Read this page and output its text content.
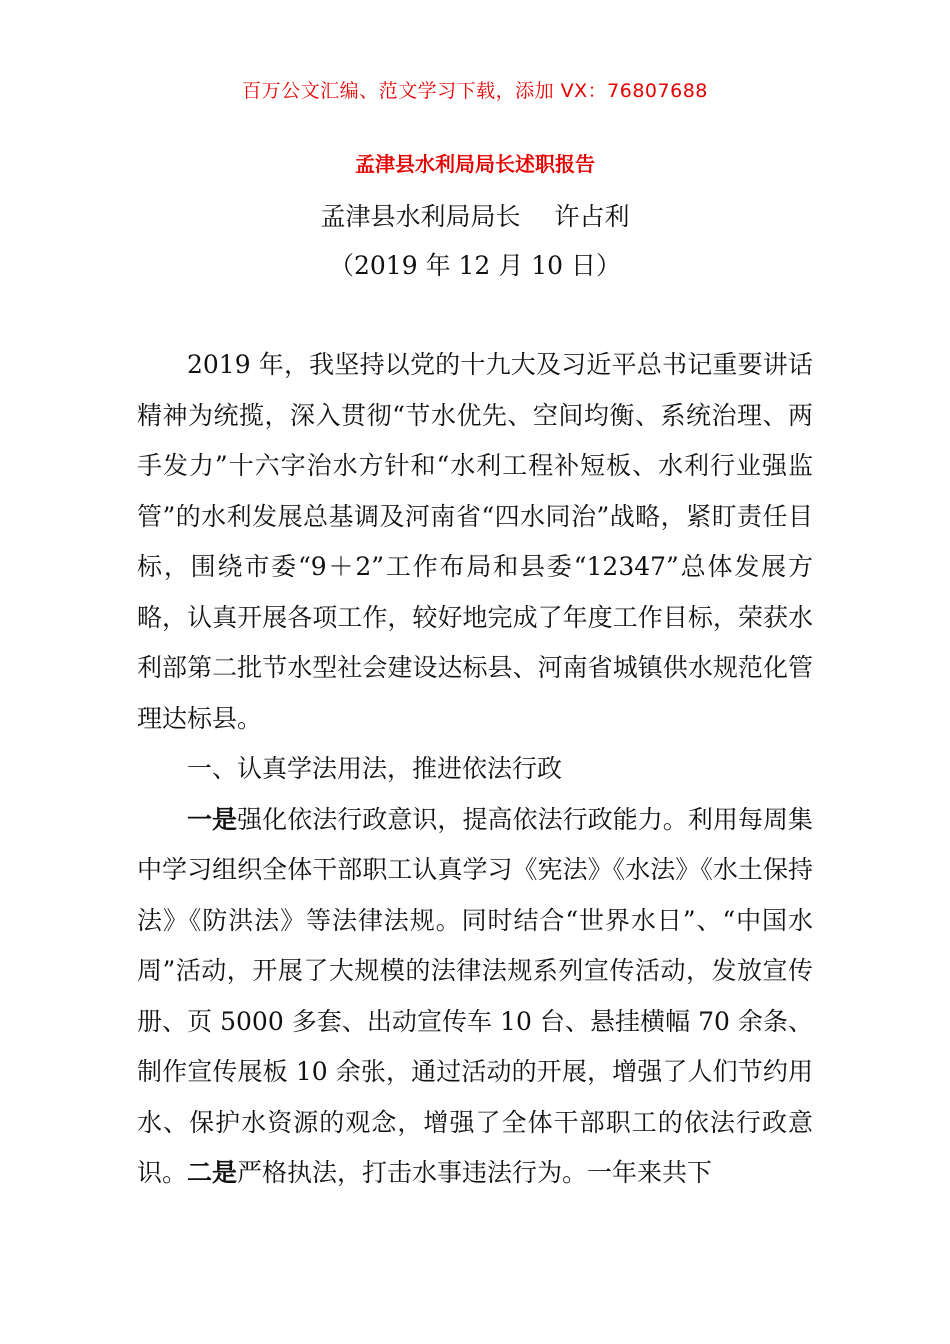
百万公文汇编、范文学习下载，添加 VX：76807688
孟津县水利局局长述职报告
孟津县水利局局长 许占利
（2019 年 12 月 10 日）

2019 年，我坚持以党的十九大及习近平总书记重要讲话精神为统揽，深入贯彻“节水优先、空间均衡、系统治理、两手发力”十六字治水方针和“水利工程补短板、水利行业强监管”的水利发展总基调及河南省“四水同治”战略，紧盯责任目标，围绕市委“9＋2”工作布局和县委“12347”总体发展方略，认真开展各项工作，较好地完成了年度工作目标，荣获水利部第二批节水型社会建设达标县、河南省城镇供水规范化管理达标县。

一、认真学法用法，推进依法行政

一是强化依法行政意识，提高依法行政能力。利用每周集中学习组织全体干部职工认真学习《宪法》《水法》《水土保持法》《防洪法》等法律法规。同时结合“世界水日”、“中国水周”活动，开展了大规模的法律法规系列宣传活动，发放宣传册、页 5000 多套、出动宣传车 10 台、悬挂横幅 70 余条、制作宣传展板 10 余张，通过活动的开展，增强了人们节约用水、保护水资源的观念，增强了全体干部职工的依法行政意识。二是严格执法，打击水事违法行为。一年来共下
